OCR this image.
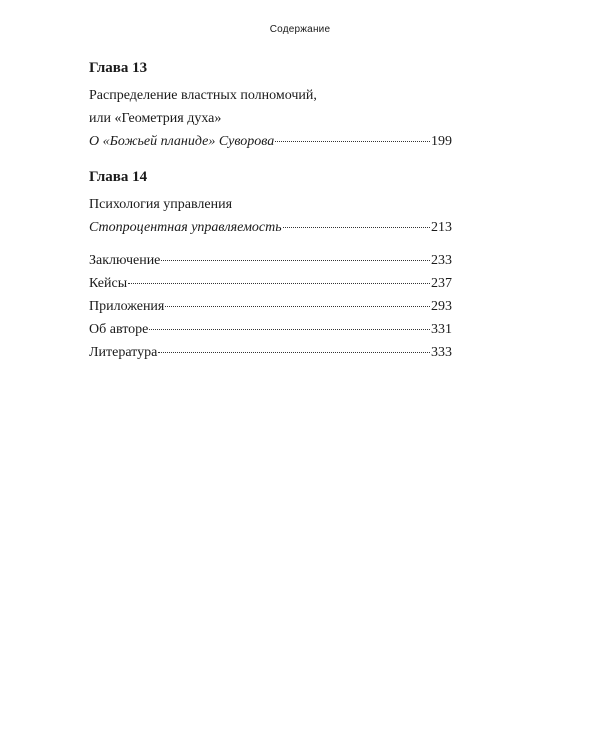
Содержание
Глава 13
Распределение властных полномочий,
или «Геометрия духа»
О «Божьей планиде» Суворова	199
Глава 14
Психология управления
Стопроцентная управляемость	213
Заключение	233
Кейсы	237
Приложения	293
Об авторе	331
Литература	333
